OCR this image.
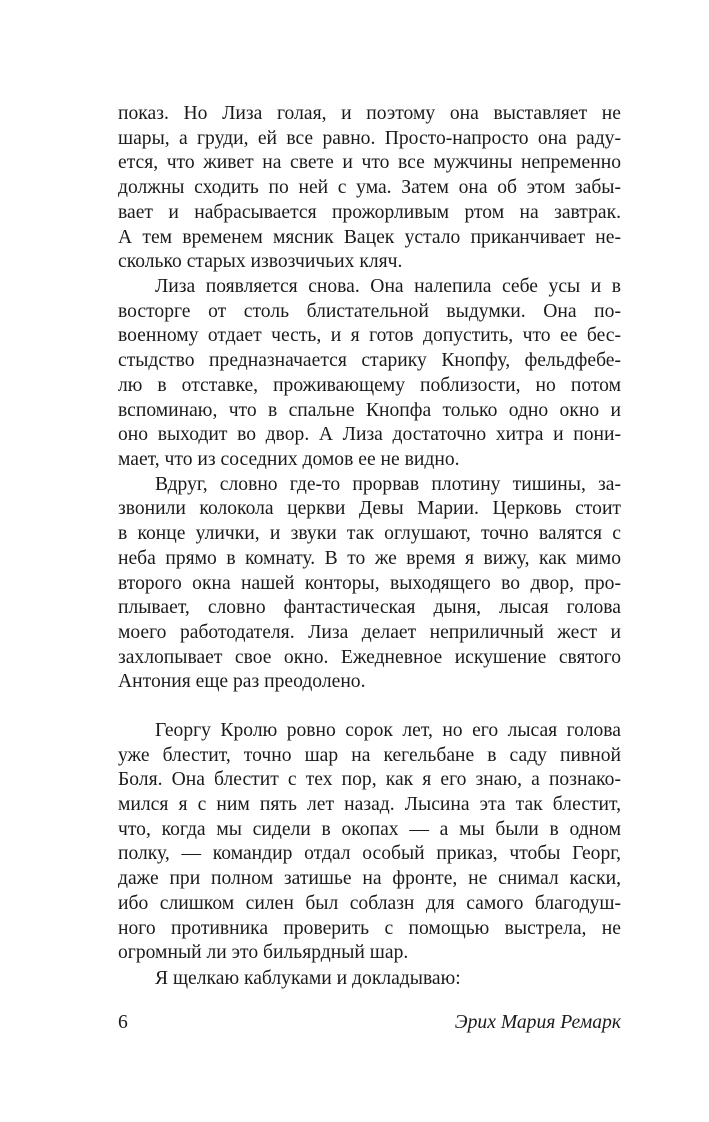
показ. Но Лиза голая, и поэтому она выставляет не
шары, а груди, ей все равно. Просто-напросто она раду-
ется, что живет на свете и что все мужчины непременно
должны сходить по ней с ума. Затем она об этом забы-
вает и набрасывается прожорливым ртом на завтрак.
А тем временем мясник Вацек устало приканчивает не-
сколько старых извозчичьих кляч.
Лиза появляется снова. Она налепила себе усы и в
восторге от столь блистательной выдумки. Она по-
военному отдает честь, и я готов допустить, что ее бес-
стыдство предназначается старику Кнопфу, фельдфебе-
лю в отставке, проживающему поблизости, но потом
вспоминаю, что в спальне Кнопфа только одно окно и
оно выходит во двор. А Лиза достаточно хитра и пони-
мает, что из соседних домов ее не видно.
Вдруг, словно где-то прорвав плотину тишины, за-
звонили колокола церкви Девы Марии. Церковь стоит
в конце улички, и звуки так оглушают, точно валятся с
неба прямо в комнату. В то же время я вижу, как мимо
второго окна нашей конторы, выходящего во двор, про-
плывает, словно фантастическая дыня, лысая голова
моего работодателя. Лиза делает неприличный жест и
захлопывает свое окно. Ежедневное искушение святого
Антония еще раз преодолено.
Георгу Кролю ровно сорок лет, но его лысая голова
уже блестит, точно шар на кегельбане в саду пивной
Боля. Она блестит с тех пор, как я его знаю, а познако-
мился я с ним пять лет назад. Лысина эта так блестит,
что, когда мы сидели в окопах — а мы были в одном
полку, — командир отдал особый приказ, чтобы Георг,
даже при полном затишье на фронте, не снимал каски,
ибо слишком силен был соблазн для самого благодуш-
ного противника проверить с помощью выстрела, не
огромный ли это бильярдный шар.
Я щелкаю каблуками и докладываю:
6	Эрих Мария Ремарк
